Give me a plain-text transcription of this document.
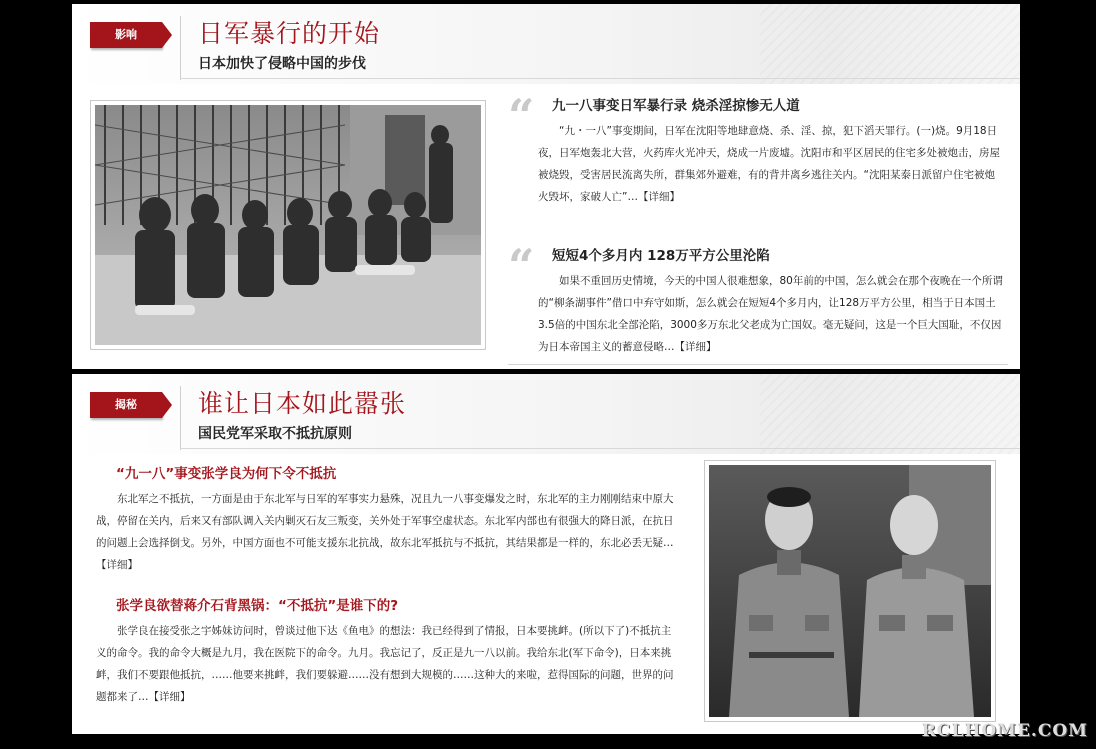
影响	日军暴行的开始
日本加快了侵略中国的步伐
“ 九一八事变日军暴行录 烧杀淫掠惨无人道

“九・一八”事变期间，日军在沈阳等地肆意烧、杀、淫、掠，犯下滔天罪行。(一)烧。9月18日夜，日军炮轰北大营，火药库火光冲天，烧成一片废墟。沈阳市和平区居民的住宅多处被炮击，房屋被烧毁，受害居民流离失所，群集郊外避难，有的背井离乡逃往关内。“沈阳某泰日派留户住宅被炮火毁坏，家破人亡”…【详细】

“ 短短4个多月内 128万平方公里沦陷

如果不重回历史情境，今天的中国人很难想象，80年前的中国，怎么就会在那个夜晚在一个所谓的“柳条湖事件”借口中弃守如斯，怎么就会在短短4个多月内，让128万平方公里，相当于日本国土3.5倍的中国东北全部沦陷，3000多万东北父老成为亡国奴。毫无疑问，这是一个巨大国耻，不仅因为日本帝国主义的蓄意侵略…【详细】

揭秘	谁让日本如此嚣张
国民党军采取不抵抗原则
“九一八”事变张学良为何下令不抵抗

东北军之不抵抗，一方面是由于东北军与日军的军事实力悬殊，况且九一八事变爆发之时，东北军的主力刚刚结束中原大战，停留在关内，后来又有部队调入关内剿灭石友三叛变，关外处于军事空虚状态。东北军内部也有很强大的降日派，在抗日的问题上会选择倒戈。另外，中国方面也不可能支援东北抗战，故东北军抵抗与不抵抗，其结果都是一样的，东北必丢无疑…【详细】

张学良欲替蒋介石背黑锅：“不抵抗”是谁下的?

张学良在接受张之宇姊妹访问时，曾谈过他下达《鱼电》的想法：我已经得到了情报，日本要挑衅。(所以下了)不抵抗主义的命令。我的命令大概是九月，我在医院下的命令。九月。我忘记了，反正是九一八以前。我给东北(军下命令)，日本来挑衅，我们不要跟他抵抗，……他要来挑衅，我们要躲避……没有想到大规模的……这种大的来啦，惹得国际的问题，世界的问题都来了…【详细】

RCLHOME.COM
